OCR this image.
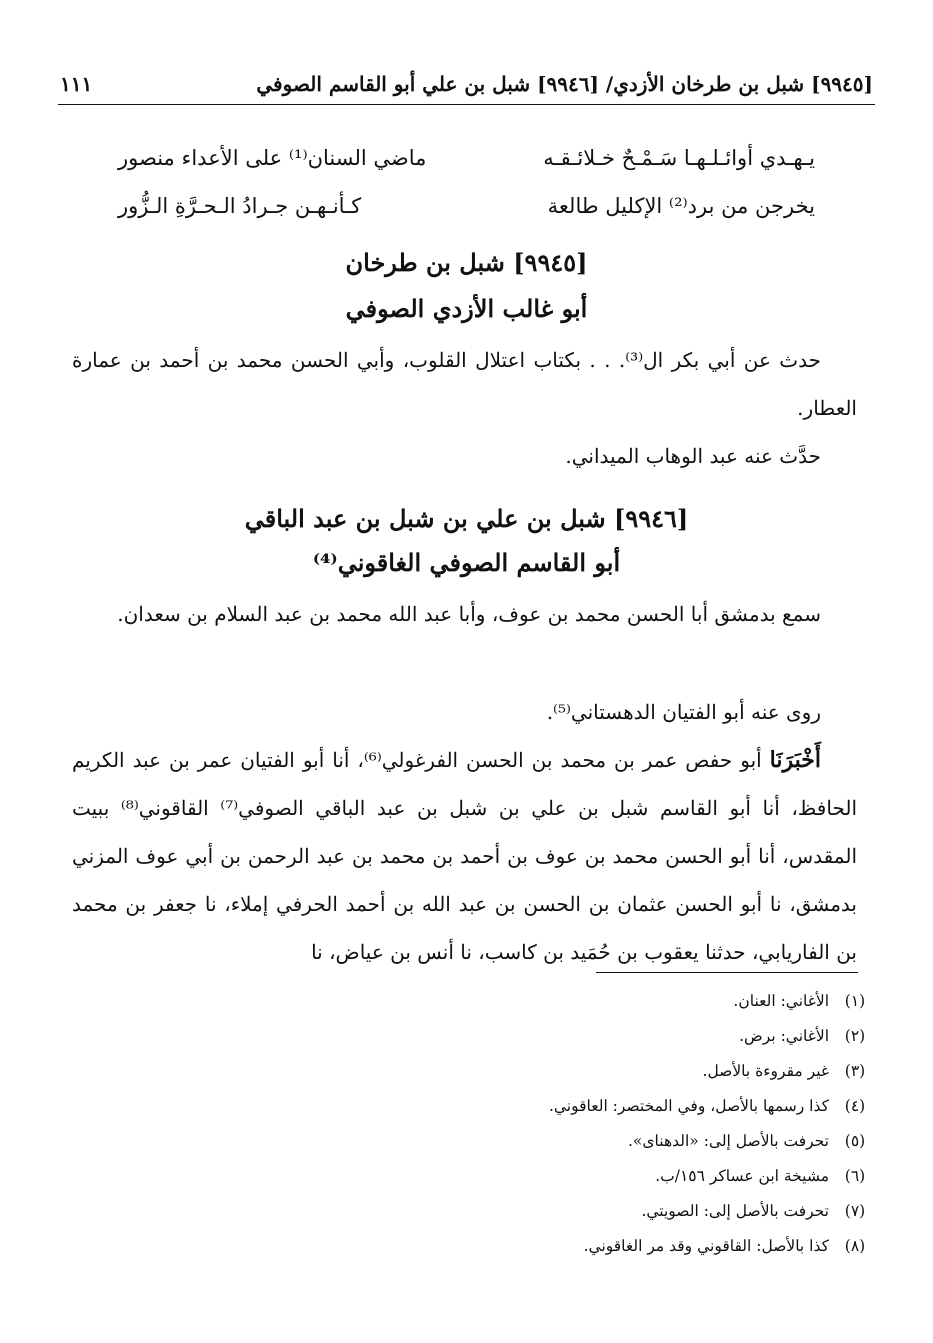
[٩٩٤٥] شبل بن طرخان الأزدي/ [٩٩٤٦] شبل بن علي أبو القاسم الصوفي
١١١
يـهـدي أوائـلـهـا سَـمْـحٌ خـلائـقـه
ماضي السنان⁽¹⁾ على الأعداء منصور
يخرجن من برد⁽²⁾ الإكليل طالعة
كـأنـهـن جـرادُ الـحـرَّةِ الـزُّور
[٩٩٤٥] شبل بن طرخان
أبو غالب الأزدي الصوفي

حدث عن أبي بكر ال⁽³⁾. . . بكتاب اعتلال القلوب، وأبي الحسن محمد بن أحمد بن عمارة العطار.

حدَّث عنه عبد الوهاب الميداني.

[٩٩٤٦] شبل بن علي بن شبل بن عبد الباقي
أبو القاسم الصوفي الغاقوني⁽⁴⁾

سمع بدمشق أبا الحسن محمد بن عوف، وأبا عبد الله محمد بن عبد السلام بن سعدان.

روى عنه أبو الفتيان الدهستاني⁽⁵⁾.

أَخْبَرَنَا أبو حفص عمر بن محمد بن الحسن الفرغولي⁽⁶⁾، أنا أبو الفتيان عمر بن عبد الكريم الحافظ، أنا أبو القاسم شبل بن علي بن شبل بن عبد الباقي الصوفي⁽⁷⁾ القاقوني⁽⁸⁾ ببيت المقدس، أنا أبو الحسن محمد بن عوف بن أحمد بن محمد بن عبد الرحمن بن أبي عوف المزني بدمشق، نا أبو الحسن عثمان بن الحسن بن عبد الله بن أحمد الحرفي إملاء، نا جعفر بن محمد بن الفاريابي، حدثنا يعقوب بن حُمَيد بن كاسب، نا أنس بن عياض، نا

(١)
الأغاني: العنان.
(٢)
الأغاني: برض.
(٣)
غير مقروءة بالأصل.
(٤)
كذا رسمها بالأصل، وفي المختصر: العاقوني.
(٥)
تحرفت بالأصل إلى: «الدهناى».
(٦)
مشيخة ابن عساكر ١٥٦/ب.
(٧)
تحرفت بالأصل إلى: الصويتي.
(٨)
كذا بالأصل: القاقوني وقد مر الغاقوني.
